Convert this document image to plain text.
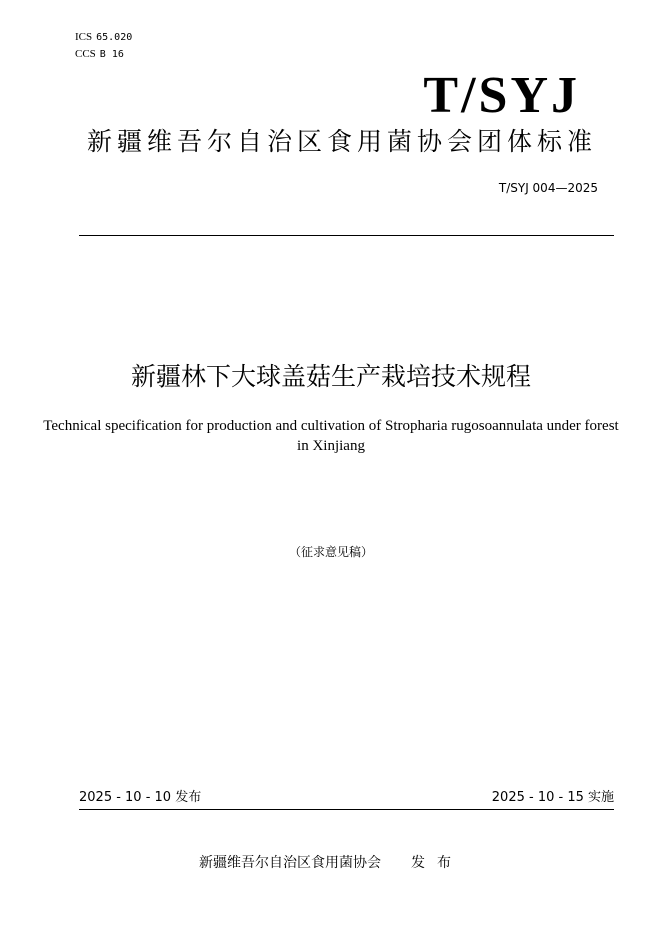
ICS 65.020
CCS B 16
T/SYJ
新疆维吾尔自治区食用菌协会团体标准
T/SYJ 004—2025
新疆林下大球盖菇生产栽培技术规程
Technical specification for production and cultivation of Stropharia rugosoannulata under forest in Xinjiang
（征求意见稿）
2025 - 10 - 10 发布	2025 - 10 - 15 实施
新疆维吾尔自治区食用菌协会 发布
